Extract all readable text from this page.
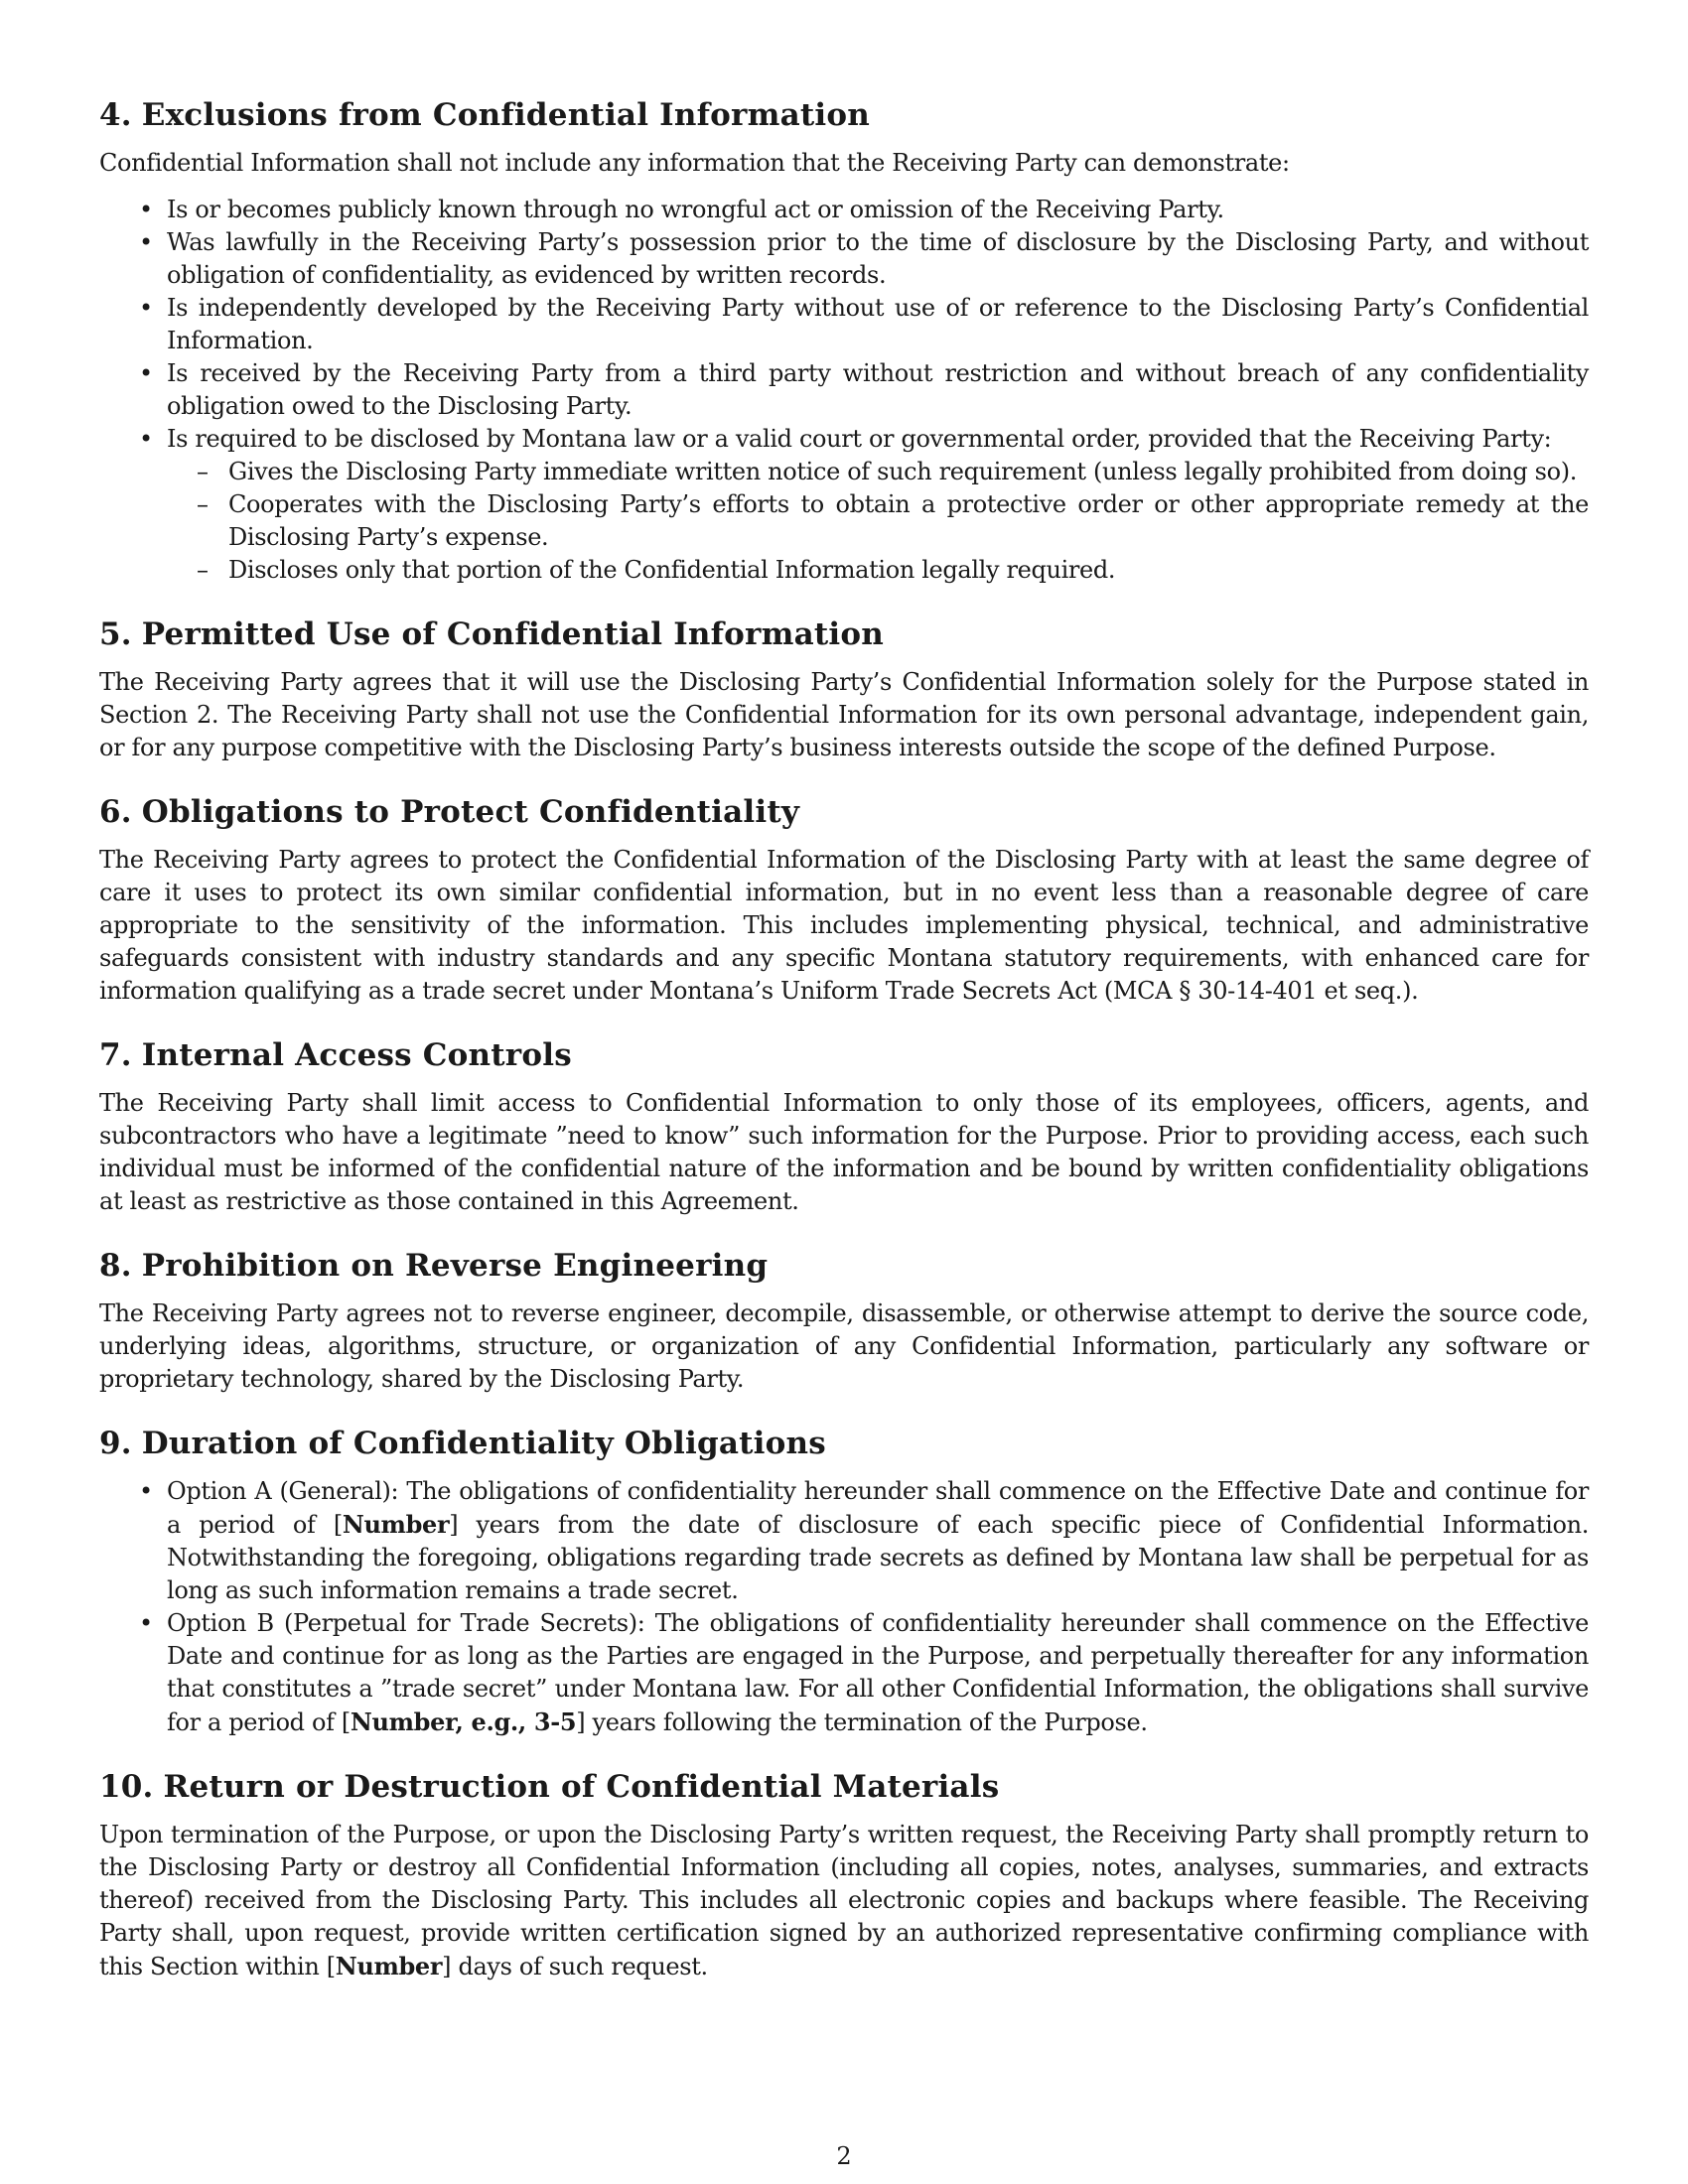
4. Exclusions from Confidential Information

Confidential Information shall not include any information that the Receiving Party can demonstrate:

• Is or becomes publicly known through no wrongful act or omission of the Receiving Party.
• Was lawfully in the Receiving Party’s possession prior to the time of disclosure by the Disclosing Party, and without obligation of confidentiality, as evidenced by written records.
• Is independently developed by the Receiving Party without use of or reference to the Disclosing Party’s Confidential Information.
• Is received by the Receiving Party from a third party without restriction and without breach of any confidentiality obligation owed to the Disclosing Party.
• Is required to be disclosed by Montana law or a valid court or governmental order, provided that the Receiving Party:
– Gives the Disclosing Party immediate written notice of such requirement (unless legally prohibited from doing so).
– Cooperates with the Disclosing Party’s efforts to obtain a protective order or other appropriate remedy at the Disclosing Party’s expense.
– Discloses only that portion of the Confidential Information legally required.
5. Permitted Use of Confidential Information

The Receiving Party agrees that it will use the Disclosing Party’s Confidential Information solely for the Purpose stated in Section 2. The Receiving Party shall not use the Confidential Information for its own personal advantage, independent gain, or for any purpose competitive with the Disclosing Party’s business interests outside the scope of the defined Purpose.

6. Obligations to Protect Confidentiality

The Receiving Party agrees to protect the Confidential Information of the Disclosing Party with at least the same degree of care it uses to protect its own similar confidential information, but in no event less than a reasonable degree of care appropriate to the sensitivity of the information. This includes implementing physical, technical, and administrative safeguards consistent with industry standards and any specific Montana statutory requirements, with enhanced care for information qualifying as a trade secret under Montana’s Uniform Trade Secrets Act (MCA § 30-14-401 et seq.).

7. Internal Access Controls

The Receiving Party shall limit access to Confidential Information to only those of its employees, officers, agents, and subcontractors who have a legitimate ”need to know” such information for the Purpose. Prior to providing access, each such individual must be informed of the confidential nature of the information and be bound by written confidentiality obligations at least as restrictive as those contained in this Agreement.

8. Prohibition on Reverse Engineering

The Receiving Party agrees not to reverse engineer, decompile, disassemble, or otherwise attempt to derive the source code, underlying ideas, algorithms, structure, or organization of any Confidential Information, particularly any software or proprietary technology, shared by the Disclosing Party.

9. Duration of Confidentiality Obligations
• Option A (General): The obligations of confidentiality hereunder shall commence on the Effective Date and continue for a period of [Number] years from the date of disclosure of each specific piece of Confidential Information. Notwithstanding the foregoing, obligations regarding trade secrets as defined by Montana law shall be perpetual for as long as such information remains a trade secret.
• Option B (Perpetual for Trade Secrets): The obligations of confidentiality hereunder shall commence on the Effective Date and continue for as long as the Parties are engaged in the Purpose, and perpetually thereafter for any information that constitutes a ”trade secret” under Montana law. For all other Confidential Information, the obligations shall survive for a period of [Number, e.g., 3-5] years following the termination of the Purpose.
10. Return or Destruction of Confidential Materials

Upon termination of the Purpose, or upon the Disclosing Party’s written request, the Receiving Party shall promptly return to the Disclosing Party or destroy all Confidential Information (including all copies, notes, analyses, summaries, and extracts thereof) received from the Disclosing Party. This includes all electronic copies and backups where feasible. The Receiving Party shall, upon request, provide written certification signed by an authorized representative confirming compliance with this Section within [Number] days of such request.

2
